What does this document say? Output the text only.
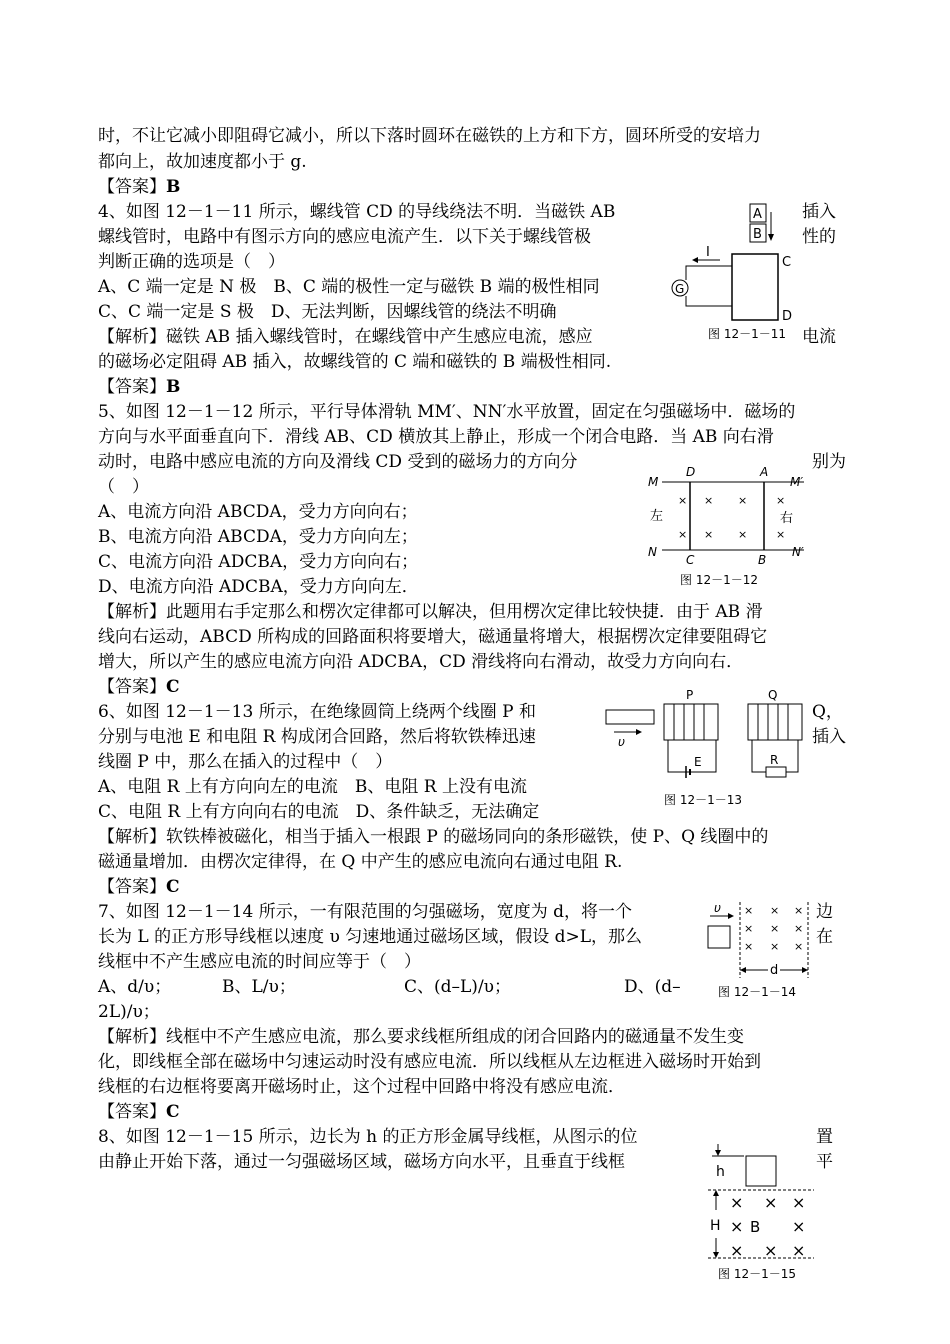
时，不让它减小即阻碍它减小，所以下落时圆环在磁铁的上方和下方，圆环所受的安培力
都向上，故加速度都小于 g.
【答案】B
4、如图 12－1－11 所示，螺线管 CD 的导线绕法不明．当磁铁 AB	插入
螺线管时，电路中有图示方向的感应电流产生．以下关于螺线管极	性的
判断正确的选项是（　）
A、C 端一定是 N 极　B、C 端的极性一定与磁铁 B 端的极性相同
C、C 端一定是 S 极　D、无法判断，因螺线管的绕法不明确
【解析】磁铁 AB 插入螺线管时，在螺线管中产生感应电流，感应	电流
的磁场必定阻碍 AB 插入，故螺线管的 C 端和磁铁的 B 端极性相同.
【答案】B
A
B
C
D
G
I
图 12－1－11
5、如图 12－1－12 所示，平行导体滑轨 MM′、NN′水平放置，固定在匀强磁场中．磁场的
方向与水平面垂直向下．滑线 AB、CD 横放其上静止，形成一个闭合电路．当 AB 向右滑
动时，电路中感应电流的方向及滑线 CD 受到的磁场力的方向分	别为
（　）
A、电流方向沿 ABCDA，受力方向向右；
B、电流方向沿 ABCDA，受力方向向左；
C、电流方向沿 ADCBA，受力方向向右；
D、电流方向沿 ADCBA，受力方向向左．
【解析】此题用右手定那么和楞次定律都可以解决，但用楞次定律比较快捷．由于 AB 滑
线向右运动，ABCD 所构成的回路面积将要增大，磁通量将增大，根据楞次定律要阻碍它
增大，所以产生的感应电流方向沿 ADCBA，CD 滑线将向右滑动，故受力方向向右．
【答案】C
M	M′
N	N′
D	A
C	B
左	右
× × ×	×
× × ×	×
图 12－1－12
6、如图 12－1－13 所示，在绝缘圆筒上绕两个线圈 P 和	Q，
分别与电池 E 和电阻 R 构成闭合回路，然后将软铁棒迅速	插入
线圈 P 中，那么在插入的过程中（　）
A、电阻 R 上有方向向左的电流　B、电阻 R 上没有电流
C、电阻 R 上有方向向右的电流　D、条件缺乏，无法确定
【解析】软铁棒被磁化，相当于插入一根跟 P 的磁场同向的条形磁铁，使 P、Q 线圈中的
磁通量增加．由楞次定律得，在 Q 中产生的感应电流向右通过电阻 R.
【答案】C
υ
P
E
Q
R
图 12－1－13
7、如图 12－1－14 所示，一有限范围的匀强磁场，宽度为 d，将一个	边
长为 L 的正方形导线框以速度 υ 匀速地通过磁场区域，假设 d>L，那么	在
线框中不产生感应电流的时间应等于（　）
A、d/υ；	B、L/υ；	C、(d–L)/υ；	D、(d–
2L)/υ；
【解析】线框中不产生感应电流，那么要求线框所组成的闭合回路内的磁通量不发生变
化，即线框全部在磁场中匀速运动时没有感应电流．所以线框从左边框进入磁场时开始到
线框的右边框将要离开磁场时止，这个过程中回路中将没有感应电流．
【答案】C
υ × × ×
× × ×
× × ×
d
图 12－1－14
8、如图 12－1－15 所示，边长为 h 的正方形金属导线框，从图示的位	置
由静止开始下落，通过一匀强磁场区域，磁场方向水平，且垂直于线框	平
h
H
× × ×
×	×
× × ×
B
图 12－1－15
